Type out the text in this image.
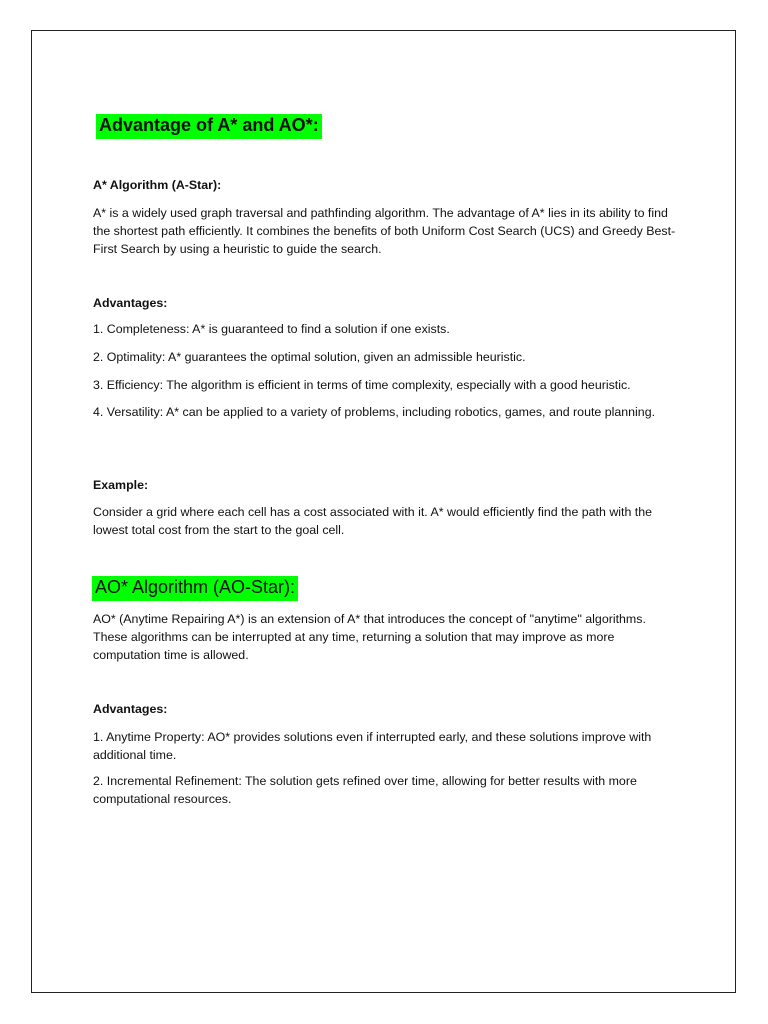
Advantage of A* and AO*:

A* Algorithm (A-Star):

A* is a widely used graph traversal and pathfinding algorithm. The advantage of A* lies in its ability to find the shortest path efficiently. It combines the benefits of both Uniform Cost Search (UCS) and Greedy Best-First Search by using a heuristic to guide the search.

Advantages:

1. Completeness: A* is guaranteed to find a solution if one exists.

2. Optimality: A* guarantees the optimal solution, given an admissible heuristic.

3. Efficiency: The algorithm is efficient in terms of time complexity, especially with a good heuristic.

4. Versatility: A* can be applied to a variety of problems, including robotics, games, and route planning.

Example:

Consider a grid where each cell has a cost associated with it. A* would efficiently find the path with the lowest total cost from the start to the goal cell.

AO* Algorithm (AO-Star):

AO* (Anytime Repairing A*) is an extension of A* that introduces the concept of "anytime" algorithms. These algorithms can be interrupted at any time, returning a solution that may improve as more computation time is allowed.

Advantages:

1. Anytime Property: AO* provides solutions even if interrupted early, and these solutions improve with additional time.

2. Incremental Refinement: The solution gets refined over time, allowing for better results with more computational resources.
